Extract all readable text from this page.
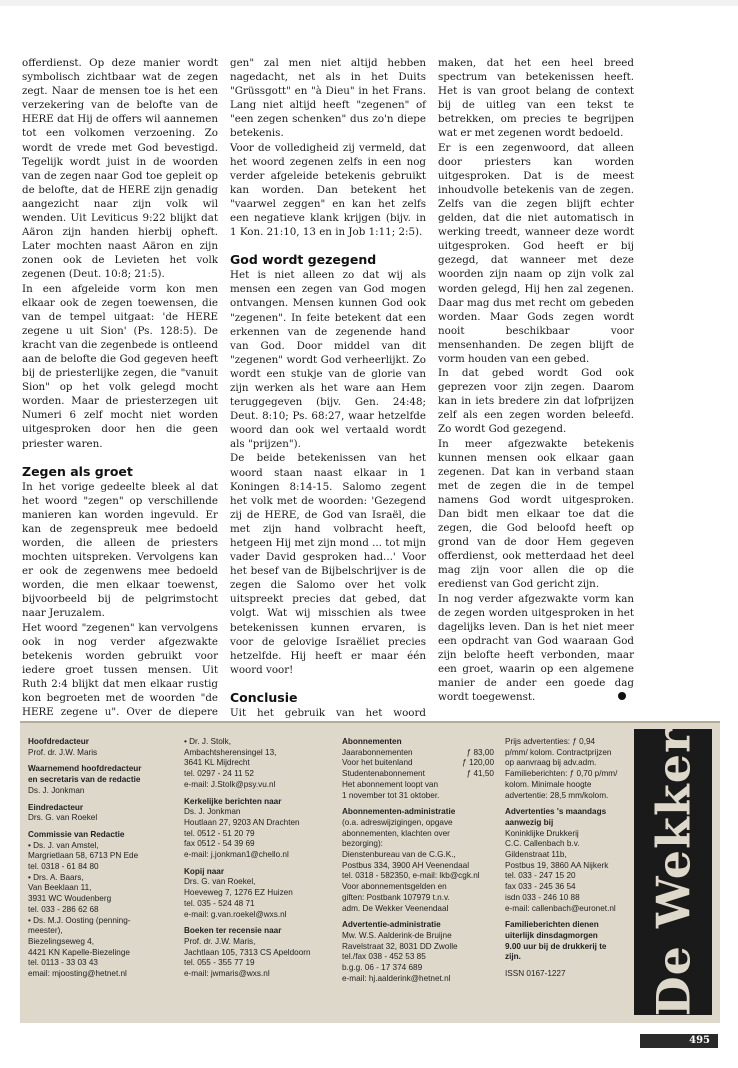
offerdienst. Op deze manier wordt symbolisch zichtbaar wat de zegen zegt. Naar de mensen toe is het een verzekering van de belofte van de HERE dat Hij de offers wil aannemen tot een volkomen verzoening. Zo wordt de vrede met God bevestigd. Tegelijk wordt juist in de woorden van de zegen naar God toe gepleit op de belofte, dat de HERE zijn genadig aangezicht naar zijn volk wil wenden. Uit Leviticus 9:22 blijkt dat Aäron zijn handen hierbij opheft. Later mochten naast Aäron en zijn zonen ook de Levieten het volk zegenen (Deut. 10:8; 21:5).

In een afgeleide vorm kon men elkaar ook de zegen toewensen, die van de tempel uitgaat: 'de HERE zegene u uit Sion' (Ps. 128:5). De kracht van die zegenbede is ontleend aan de belofte die God gegeven heeft bij de priesterlijke zegen, die "vanuit Sion" op het volk gelegd mocht worden. Maar de priesterzegen uit Numeri 6 zelf mocht niet worden uitgesproken door hen die geen priester waren.

Zegen als groet

In het vorige gedeelte bleek al dat het woord "zegen" op verschillende manieren kan worden ingevuld. Er kan de zegenspreuk mee bedoeld worden, die alleen de priesters mochten uitspreken. Vervolgens kan er ook de zegenwens mee bedoeld worden, die men elkaar toewenst, bijvoorbeeld bij de pelgrimstocht naar Jeruzalem.

Het woord "zegenen" kan vervolgens ook in nog verder afgezwakte betekenis worden gebruikt voor iedere groet tussen mensen. Uit Ruth 2:4 blijkt dat men elkaar rustig kon begroeten met de woorden "de HERE zegene u". Over de diepere

gen" zal men niet altijd hebben nagedacht, net als in het Duits "Grüssgott" en "à Dieu" in het Frans. Lang niet altijd heeft "zegenen" of "een zegen schenken" dus zo'n diepe betekenis.

Voor de volledigheid zij vermeld, dat het woord zegenen zelfs in een nog verder afgeleide betekenis gebruikt kan worden. Dan betekent het "vaarwel zeggen" en kan het zelfs een negatieve klank krijgen (bijv. in 1 Kon. 21:10, 13 en in Job 1:11; 2:5).

God wordt gezegend

Het is niet alleen zo dat wij als mensen een zegen van God mogen ontvangen. Mensen kunnen God ook "zegenen". In feite betekent dat een erkennen van de zegenende hand van God. Door middel van dit "zegenen" wordt God verheerlijkt. Zo wordt een stukje van de glorie van zijn werken als het ware aan Hem teruggegeven (bijv. Gen. 24:48; Deut. 8:10; Ps. 68:27, waar hetzelfde woord dan ook wel vertaald wordt als "prijzen").

De beide betekenissen van het woord staan naast elkaar in 1 Koningen 8:14-15. Salomo zegent het volk met de woorden: 'Gezegend zij de HERE, de God van Israël, die met zijn hand volbracht heeft, hetgeen Hij met zijn mond ... tot mijn vader David gesproken had...' Voor het besef van de Bijbelschrijver is de zegen die Salomo over het volk uitspreekt precies dat gebed, dat volgt. Wat wij misschien als twee betekenissen kunnen ervaren, is voor de gelovige Israëliet precies hetzelfde. Hij heeft er maar één woord voor!

Conclusie

Uit het gebruik van het woord

maken, dat het een heel breed spectrum van betekenissen heeft. Het is van groot belang de context bij de uitleg van een tekst te betrekken, om precies te begrijpen wat er met zegenen wordt bedoeld.

Er is een zegenwoord, dat alleen door priesters kan worden uitgesproken. Dat is de meest inhoudvolle betekenis van de zegen. Zelfs van die zegen blijft echter gelden, dat die niet automatisch in werking treedt, wanneer deze wordt uitgesproken. God heeft er bij gezegd, dat wanneer met deze woorden zijn naam op zijn volk zal worden gelegd, Hij hen zal zegenen. Daar mag dus met recht om gebeden worden. Maar Gods zegen wordt nooit beschikbaar voor mensenhanden. De zegen blijft de vorm houden van een gebed.

In dat gebed wordt God ook geprezen voor zijn zegen. Daarom kan in iets bredere zin dat lofprijzen zelf als een zegen worden beleefd. Zo wordt God gezegend.

In meer afgezwakte betekenis kunnen mensen ook elkaar gaan zegenen. Dat kan in verband staan met de zegen die in de tempel namens God wordt uitgesproken. Dan bidt men elkaar toe dat die zegen, die God beloofd heeft op grond van de door Hem gegeven offerdienst, ook metterdaad het deel mag zijn voor allen die op die eredienst van God gericht zijn.

In nog verder afgezwakte vorm kan de zegen worden uitgesproken in het dagelijks leven. Dan is het niet meer een opdracht van God waaraan God zijn belofte heeft verbonden, maar een groet, waarin op een algemene manier de ander een goede dag wordt toegewenst.

Hoofdredacteur
Prof. dr. J.W. Maris
Waarnemend hoofdredacteur
en secretaris van de redactie
Ds. J. Jonkman
Eindredacteur
Drs. G. van Roekel
Commissie van Redactie
• Ds. J. van Amstel,
Margrietlaan 58, 6713 PN Ede
tel. 0318 - 61 84 80
• Drs. A. Baars,
Van Beeklaan 11,
3931 WC Woudenberg
tel. 033 - 286 62 68
• Ds. M.J. Oosting (penning-
meester),
Biezelingseweg 4,
4421 KN Kapelle-Biezelinge
tel. 0113 - 33 03 43
email: mjoosting@hetnet.nl
• Dr. J. Stolk,
Ambachtsherensingel 13,
3641 KL Mijdrecht
tel. 0297 - 24 11 52
e-mail: J.Stolk@psy.vu.nl
Kerkelijke berichten naar
Ds. J. Jonkman
Houtlaan 27, 9203 AN Drachten
tel. 0512 - 51 20 79
fax 0512 - 54 39 69
e-mail: j.jonkman1@chello.nl
Kopij naar
Drs. G. van Roekel,
Hoeveweg 7, 1276 EZ Huizen
tel. 035 - 524 48 71
e-mail: g.van.roekel@wxs.nl
Boeken ter recensie naar
Prof. dr. J.W. Maris,
Jachtlaan 105, 7313 CS Apeldoorn
tel. 055 - 355 77 19
e-mail: jwmaris@wxs.nl
Abonnementen
Jaarabonnementen	ƒ 83,00
Voor het buitenland	ƒ 120,00
Studentenabonnement	ƒ 41,50
Het abonnement loopt van
1 november tot 31 oktober.
Abonnementen-administratie
(o.a. adreswijzigingen, opgave
abonnementen, klachten over
bezorging):
Dienstenbureau van de C.G.K.,
Postbus 334, 3900 AH Veenendaal
tel. 0318 - 582350, e-mail: lkb@cgk.nl
Voor abonnementsgelden en
giften: Postbank 107979 t.n.v.
adm. De Wekker Veenendaal
Advertentie-administratie
Mw. W.S. Aalderink-de Bruijne
Ravelstraat 32, 8031 DD Zwolle
tel./fax 038 - 452 53 85
b.g.g. 06 - 17 374 689
e-mail: hj.aalderink@hetnet.nl
Prijs advertenties: ƒ 0,94
p/mm/ kolom. Contractprijzen
op aanvraag bij adv.adm.
Familieberichten: ƒ 0,70 p/mm/
kolom. Minimale hoogte
advertentie: 28,5 mm/kolom.
Advertenties 's maandags
aanwezig bij
Koninklijke Drukkerij
C.C. Callenbach b.v.
Gildenstraat 11b,
Postbus 19, 3860 AA Nijkerk
tel. 033 - 247 15 20
fax 033 - 245 36 54
isdn 033 - 246 10 88
e-mail: callenbach@euronet.nl
Familieberichten dienen
uiterlijk dinsdagmorgen
9.00 uur bij de drukkerij te
zijn.
ISSN 0167-1227	De Wekker
495
